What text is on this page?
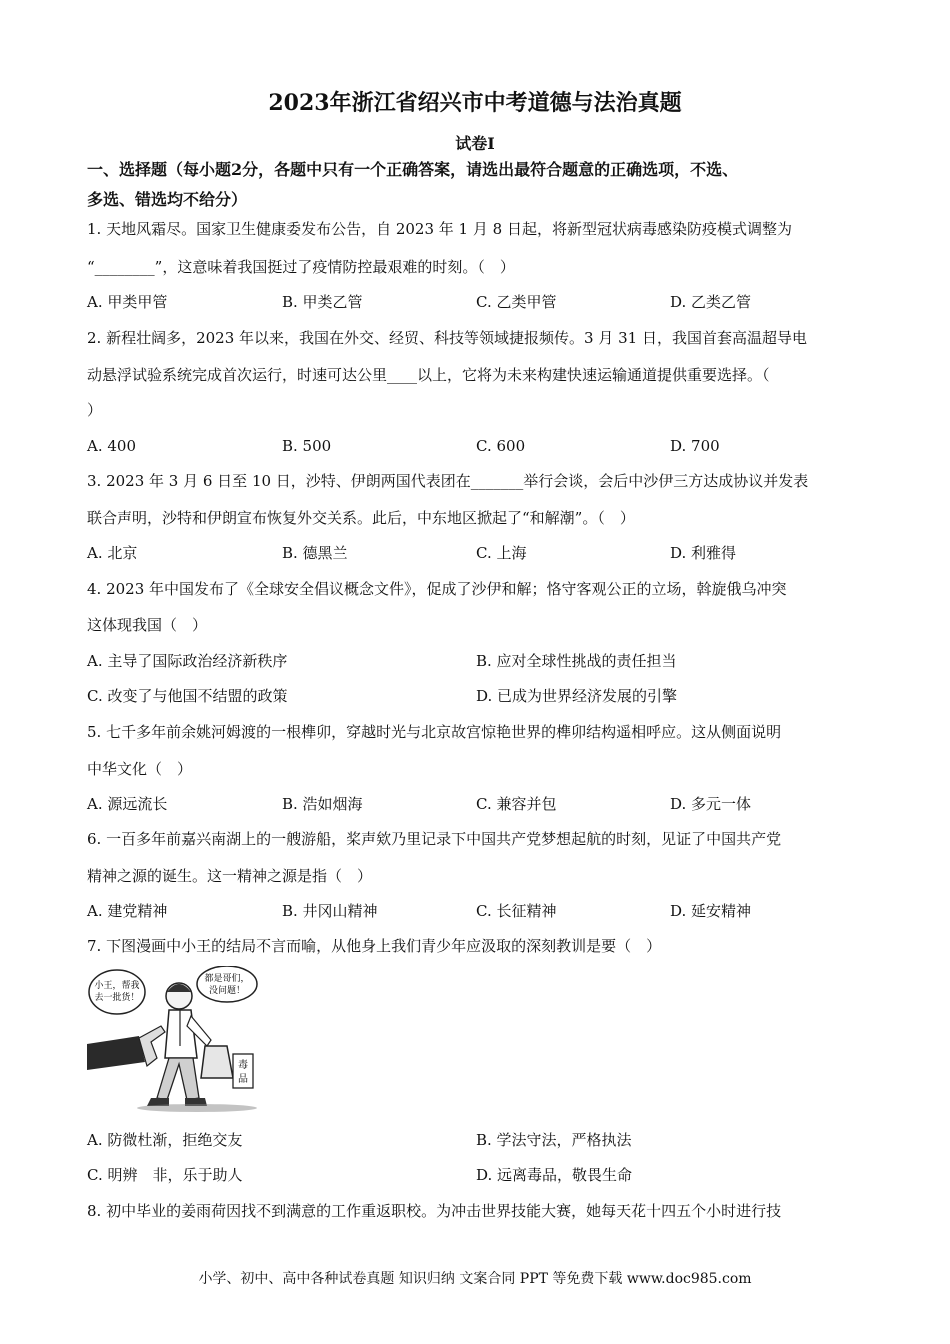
2023年浙江省绍兴市中考道德与法治真题
试卷Ⅰ
一、选择题（每小题2分，各题中只有一个正确答案，请选出最符合题意的正确选项，不选、
多选、错选均不给分）
1. 天地风霜尽。国家卫生健康委发布公告，自 2023 年 1 月 8 日起，将新型冠状病毒感染防疫模式调整为
“________”，这意味着我国挺过了疫情防控最艰难的时刻。（　）
A. 甲类甲管	B. 甲类乙管	C. 乙类甲管	D. 乙类乙管
2. 新程壮阔多，2023 年以来，我国在外交、经贸、科技等领域捷报频传。3 月 31 日，我国首套高温超导电
动悬浮试验系统完成首次运行，时速可达公里____以上，它将为未来构建快速运输通道提供重要选择。（
）
A. 400	B. 500	C. 600	D. 700
3. 2023 年 3 月 6 日至 10 日，沙特、伊朗两国代表团在_______举行会谈，会后中沙伊三方达成协议并发表
联合声明，沙特和伊朗宣布恢复外交关系。此后，中东地区掀起了“和解潮”。（　）
A. 北京	B. 德黑兰	C. 上海	D. 利雅得
4. 2023 年中国发布了《全球安全倡议概念文件》，促成了沙伊和解；恪守客观公正的立场，斡旋俄乌冲突
这体现我国（　）
A. 主导了国际政治经济新秩序	B. 应对全球性挑战的责任担当
C. 改变了与他国不结盟的政策	D. 已成为世界经济发展的引擎
5. 七千多年前余姚河姆渡的一根榫卯，穿越时光与北京故宫惊艳世界的榫卯结构遥相呼应。这从侧面说明
中华文化（　）
A. 源远流长	B. 浩如烟海	C. 兼容并包	D. 多元一体
6. 一百多年前嘉兴南湖上的一艘游船，桨声欸乃里记录下中国共产党梦想起航的时刻，见证了中国共产党
精神之源的诞生。这一精神之源是指（　）
A. 建党精神	B. 井冈山精神	C. 长征精神	D. 延安精神
7. 下图漫画中小王的结局不言而喻，从他身上我们青少年应汲取的深刻教训是要（　）
小王，帮我
去一批货！
都是哥们，
没问题！
毒
品
A. 防微杜渐，拒绝交友	B. 学法守法，严格执法
C. 明辨　非，乐于助人	D. 远离毒品，敬畏生命
8. 初中毕业的姜雨荷因找不到满意的工作重返职校。为冲击世界技能大赛，她每天花十四五个小时进行技
小学、初中、高中各种试卷真题 知识归纳 文案合同 PPT 等免费下载 www.doc985.com
